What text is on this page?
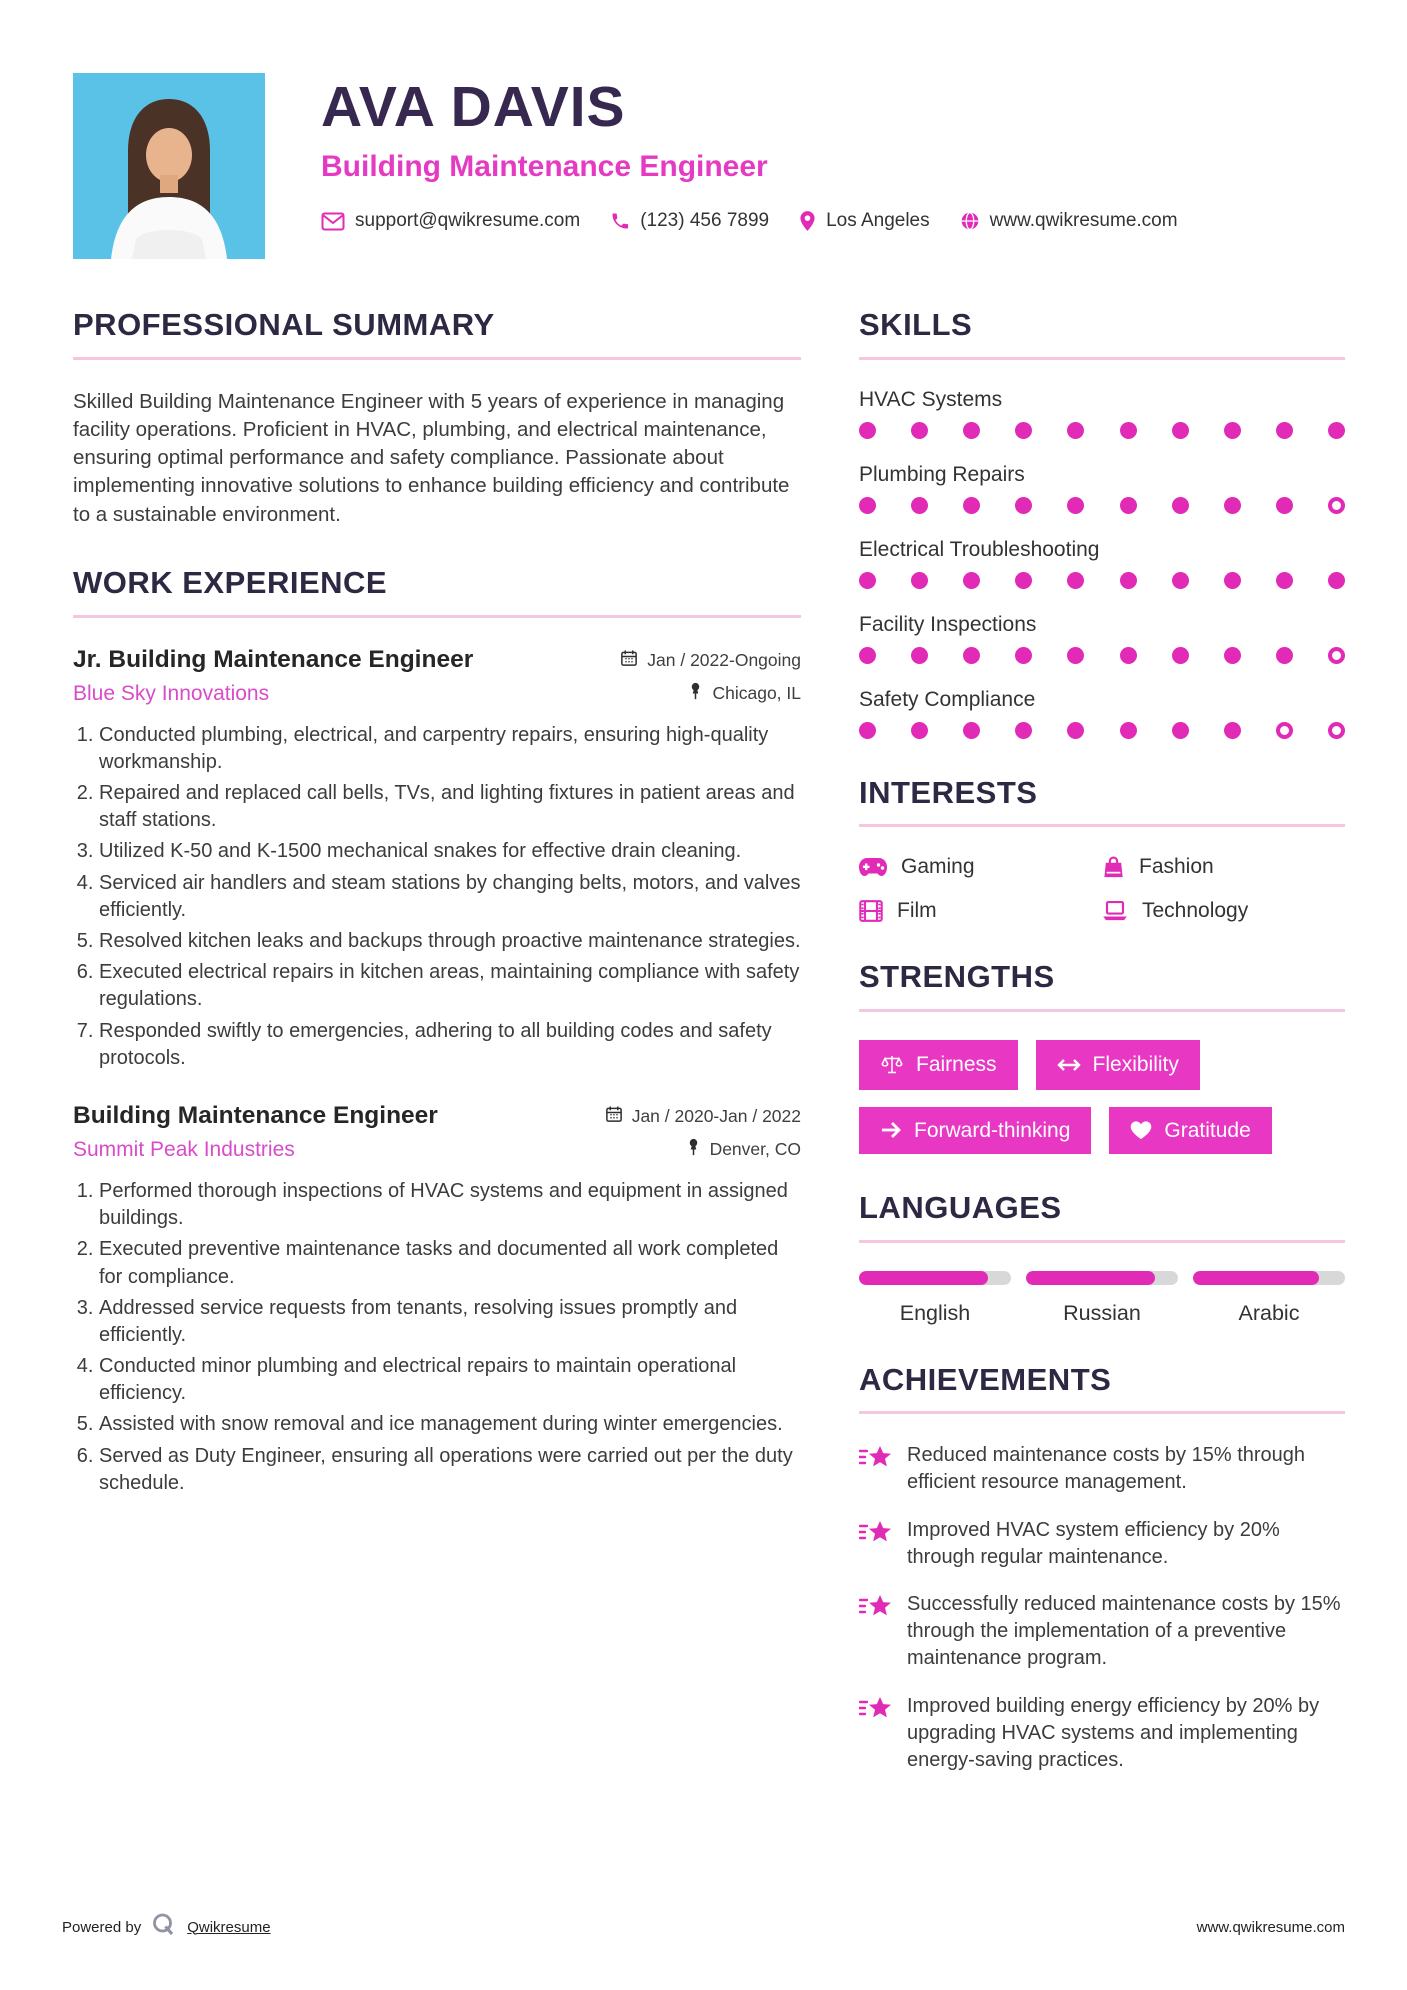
AVA DAVIS
Building Maintenance Engineer
support@qwikresume.com	(123) 456 7899	Los Angeles	www.qwikresume.com
PROFESSIONAL SUMMARY

Skilled Building Maintenance Engineer with 5 years of experience in managing facility operations. Proficient in HVAC, plumbing, and electrical maintenance, ensuring optimal performance and safety compliance. Passionate about implementing innovative solutions to enhance building efficiency and contribute to a sustainable environment.

WORK EXPERIENCE
Jr. Building Maintenance Engineer	Jan / 2022-Ongoing
Blue Sky Innovations	Chicago, IL
1. Conducted plumbing, electrical, and carpentry repairs, ensuring high-quality workmanship.
2. Repaired and replaced call bells, TVs, and lighting fixtures in patient areas and staff stations.
3. Utilized K-50 and K-1500 mechanical snakes for effective drain cleaning.
4. Serviced air handlers and steam stations by changing belts, motors, and valves efficiently.
5. Resolved kitchen leaks and backups through proactive maintenance strategies.
6. Executed electrical repairs in kitchen areas, maintaining compliance with safety regulations.
7. Responded swiftly to emergencies, adhering to all building codes and safety protocols.
Building Maintenance Engineer	Jan / 2020-Jan / 2022
Summit Peak Industries	Denver, CO
1. Performed thorough inspections of HVAC systems and equipment in assigned buildings.
2. Executed preventive maintenance tasks and documented all work completed for compliance.
3. Addressed service requests from tenants, resolving issues promptly and efficiently.
4. Conducted minor plumbing and electrical repairs to maintain operational efficiency.
5. Assisted with snow removal and ice management during winter emergencies.
6. Served as Duty Engineer, ensuring all operations were carried out per the duty schedule.
SKILLS
HVAC Systems
Plumbing Repairs
Electrical Troubleshooting
Facility Inspections
Safety Compliance
INTERESTS
Gaming	Fashion
Film	Technology
STRENGTHS
Fairness	Flexibility
Forward-thinking	Gratitude
LANGUAGES
English	Russian	Arabic
ACHIEVEMENTS
Reduced maintenance costs by 15% through efficient resource management.
Improved HVAC system efficiency by 20% through regular maintenance.
Successfully reduced maintenance costs by 15% through the implementation of a preventive maintenance program.
Improved building energy efficiency by 20% by upgrading HVAC systems and implementing energy-saving practices.
Powered by	Qwikresume	www.qwikresume.com
